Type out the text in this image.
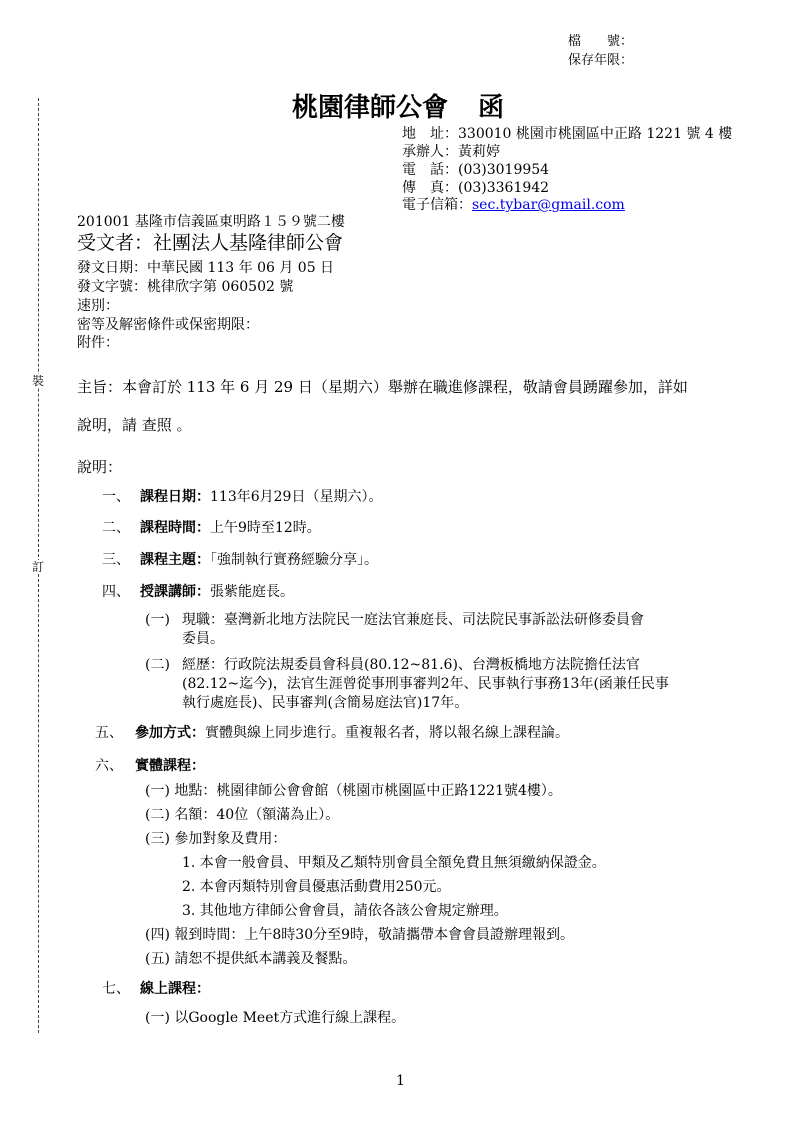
裝
訂
檔　　號：
保存年限：
桃園律師公會 函
地　址：330010 桃園市桃園區中正路 1221 號 4 樓
承辦人：黃莉婷
電　話：(03)3019954
傳　真：(03)3361942
電子信箱：sec.tybar@gmail.com
201001 基隆市信義區東明路１５９號二樓
受文者：社團法人基隆律師公會
發文日期：中華民國 113 年 06 月 05 日
發文字號：桃律欣字第 060502 號
速別：
密等及解密條件或保密期限：
附件：
主旨：本會訂於 113 年 6 月 29 日（星期六）舉辦在職進修課程，敬請會員踴躍參加，詳如
說明，請 查照 。
說明：
一、 課程日期：113年6月29日（星期六）。
二、 課程時間：上午9時至12時。
三、 課程主題：「強制執行實務經驗分享」。
四、 授課講師：張紫能庭長。
(一) 現職：臺灣新北地方法院民一庭法官兼庭長、司法院民事訴訟法研修委員會
委員。
(二) 經歷：行政院法規委員會科員(80.12~81.6)、台灣板橋地方法院擔任法官
(82.12~迄今)，法官生涯曾從事刑事審判2年、民事執行事務13年(函兼任民事
執行處庭長)、民事審判(含簡易庭法官)17年。
五、 參加方式：實體與線上同步進行。重複報名者，將以報名線上課程論。
六、 實體課程：
(一) 地點：桃園律師公會會館（桃園市桃園區中正路1221號4樓）。
(二) 名額：40位（額滿為止）。
(三) 參加對象及費用：
1. 本會一般會員、甲類及乙類特別會員全額免費且無須繳納保證金。
2. 本會丙類特別會員優惠活動費用250元。
3. 其他地方律師公會會員，請依各該公會規定辦理。
(四) 報到時間：上午8時30分至9時，敬請攜帶本會會員證辦理報到。
(五) 請恕不提供紙本講義及餐點。
七、 線上課程：
(一) 以Google Meet方式進行線上課程。
1
